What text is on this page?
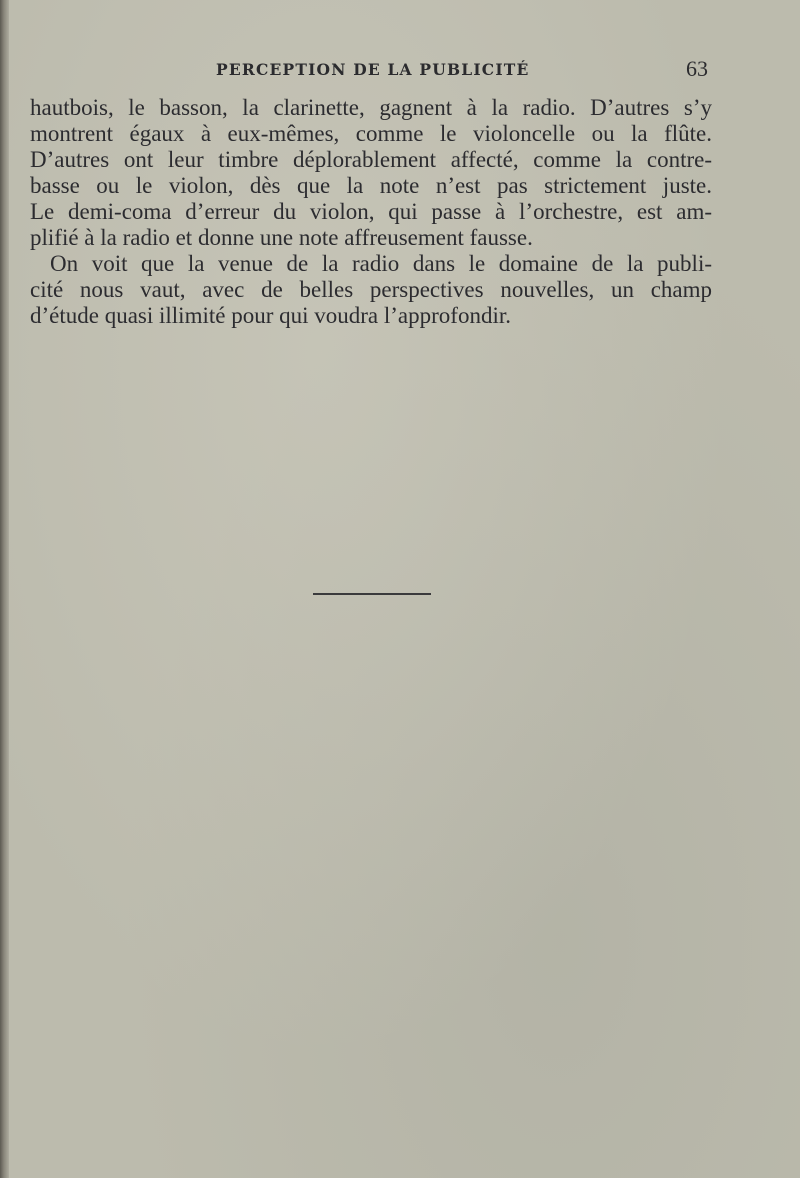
PERCEPTION DE LA PUBLICITÉ	63
hautbois, le basson, la clarinette, gagnent à la radio. D’autres s’y
montrent égaux à eux-mêmes, comme le violoncelle ou la flûte.
D’autres ont leur timbre déplorablement affecté, comme la contre-
basse ou le violon, dès que la note n’est pas strictement juste.
Le demi-coma d’erreur du violon, qui passe à l’orchestre, est am-
plifié à la radio et donne une note affreusement fausse.
On voit que la venue de la radio dans le domaine de la publi-
cité nous vaut, avec de belles perspectives nouvelles, un champ
d’étude quasi illimité pour qui voudra l’approfondir.
